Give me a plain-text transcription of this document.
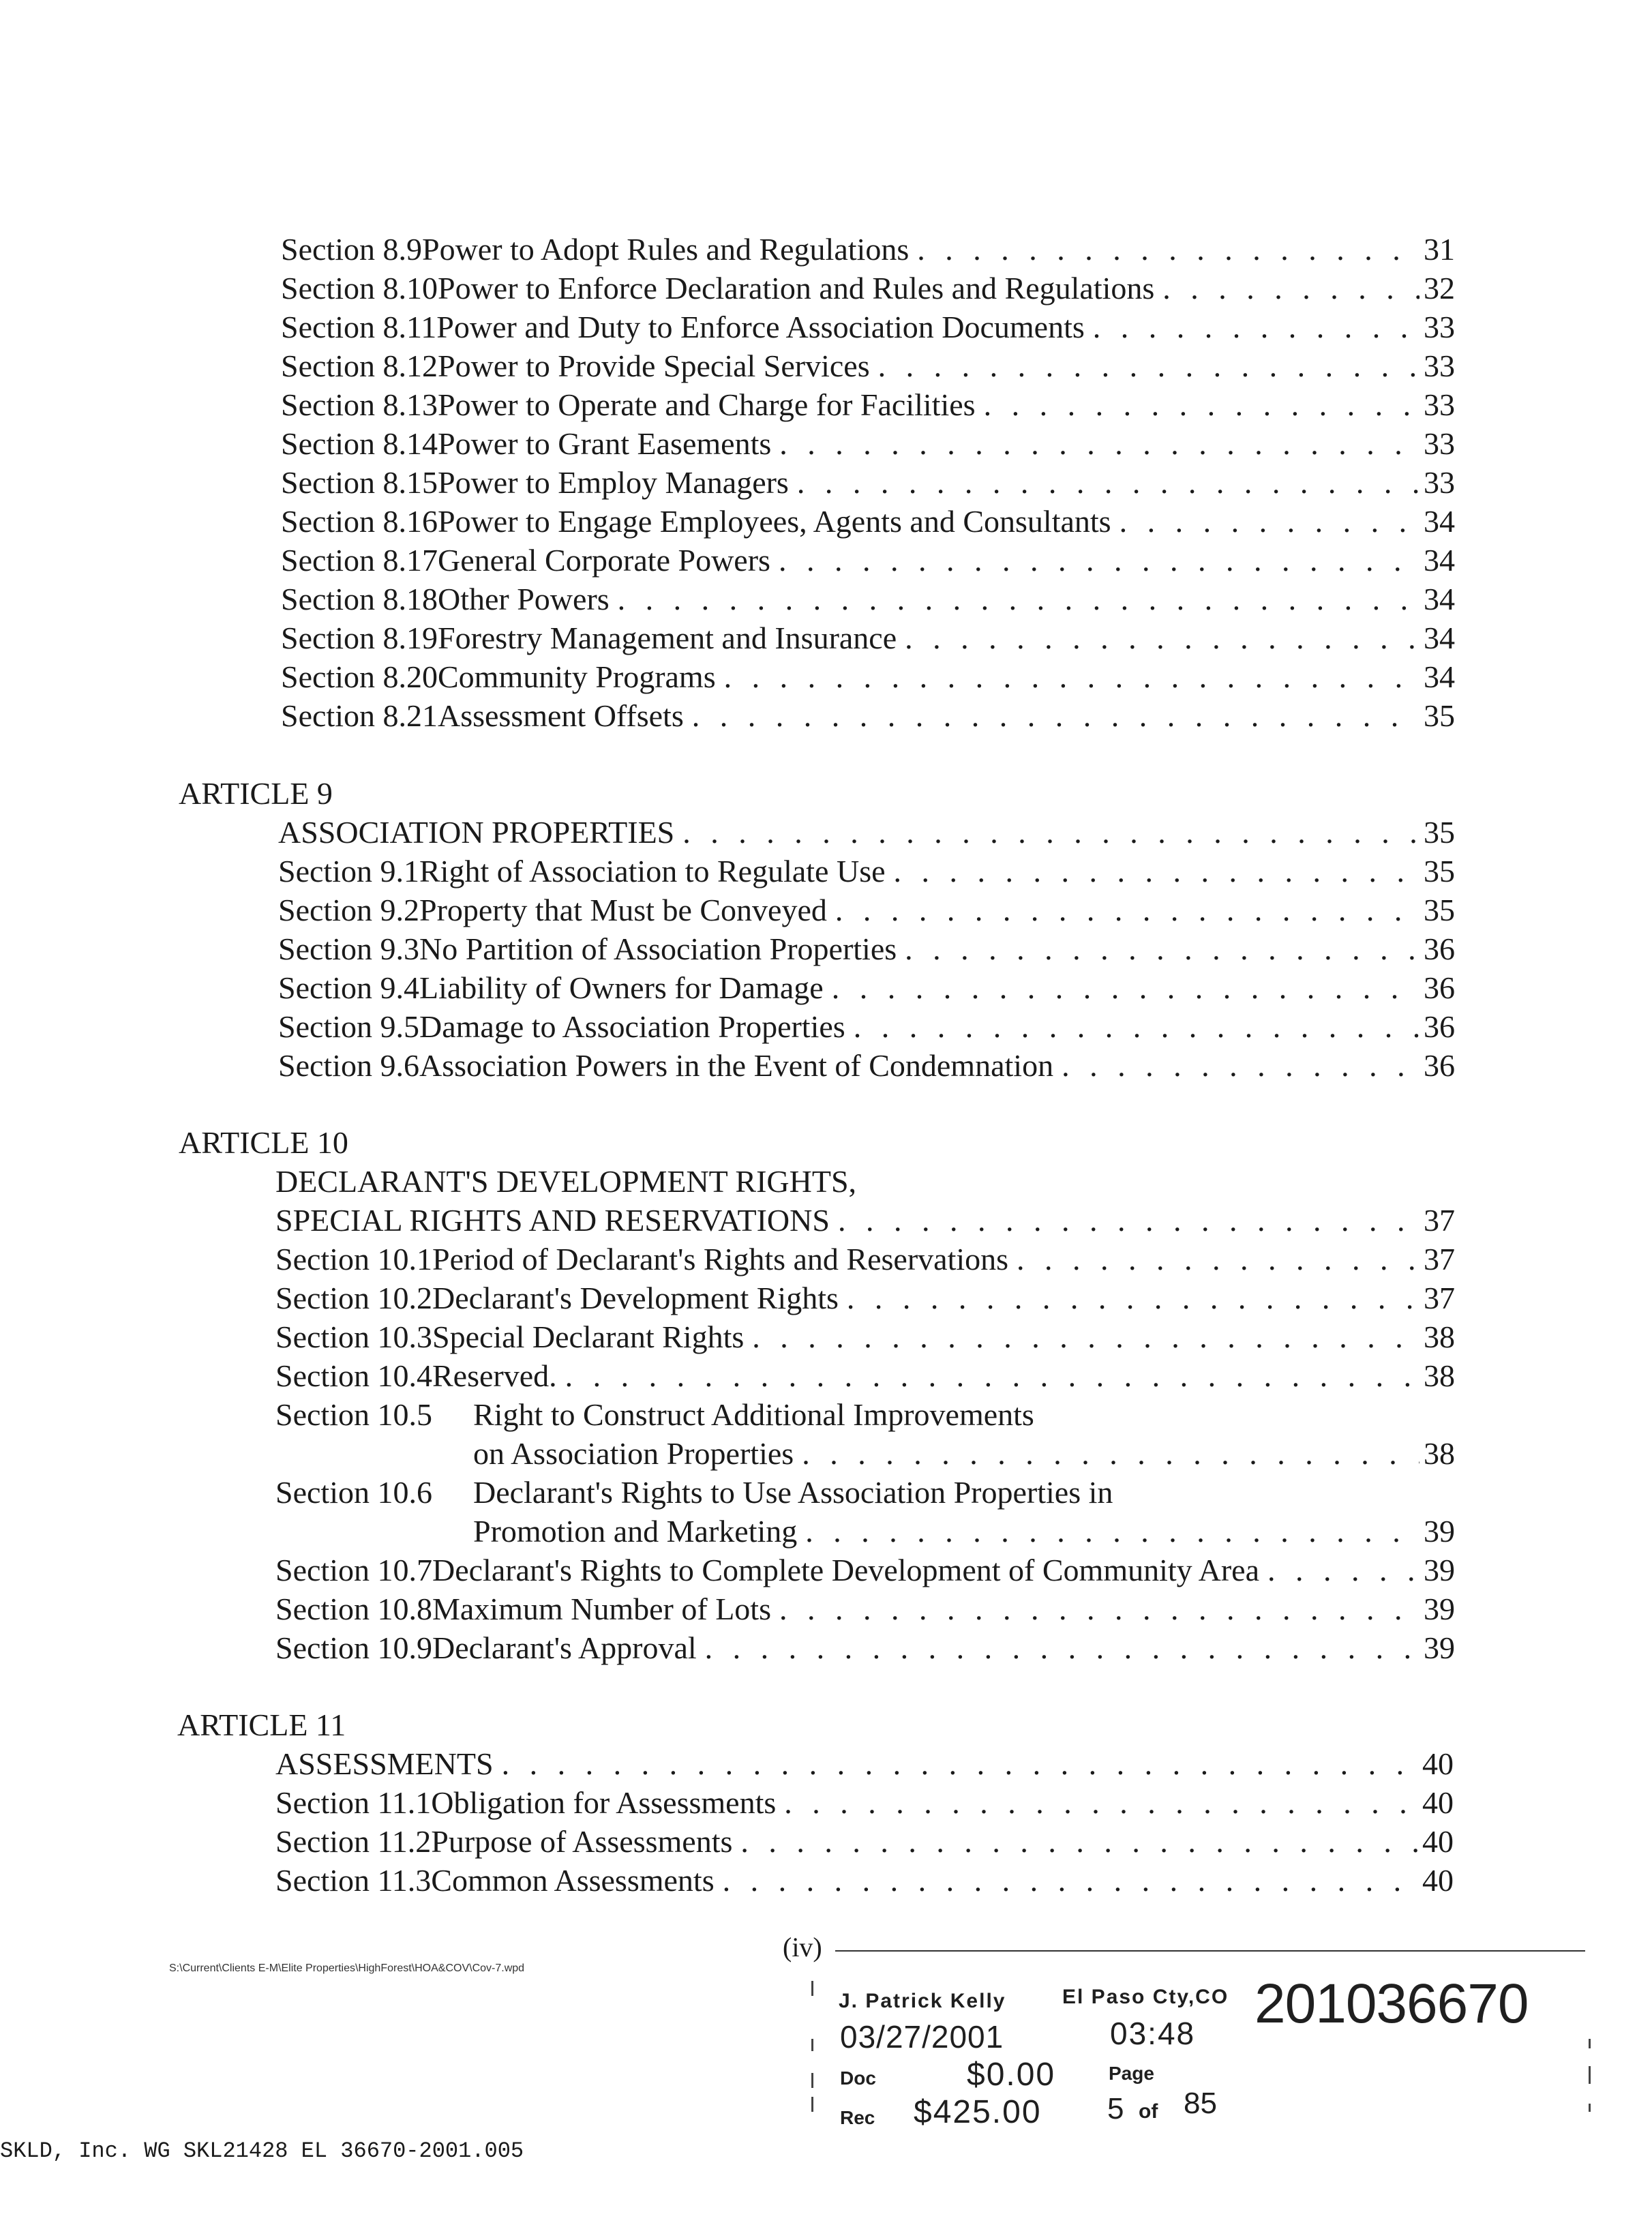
Section 8.9 Power to Adopt Rules and Regulations . . .	31
Section 8.10 Power to Enforce Declaration and Rules and Regulations . . .	32
Section 8.11 Power and Duty to Enforce Association Documents . . .	33
Section 8.12 Power to Provide Special Services . . .	33
Section 8.13 Power to Operate and Charge for Facilities . . .	33
Section 8.14 Power to Grant Easements . . .	33
Section 8.15 Power to Employ Managers . . .	33
Section 8.16 Power to Engage Employees, Agents and Consultants . . .	34
Section 8.17 General Corporate Powers . . .	34
Section 8.18 Other Powers . . .	34
Section 8.19 Forestry Management and Insurance . . .	34
Section 8.20 Community Programs . . .	34
Section 8.21 Assessment Offsets . . .	35
ARTICLE 9
ASSOCIATION PROPERTIES . . .	35
Section 9.1 Right of Association to Regulate Use . . .	35
Section 9.2 Property that Must be Conveyed . . .	35
Section 9.3 No Partition of Association Properties . . .	36
Section 9.4 Liability of Owners for Damage . . .	36
Section 9.5 Damage to Association Properties . . .	36
Section 9.6 Association Powers in the Event of Condemnation . . .	36
ARTICLE 10
DECLARANT'S DEVELOPMENT RIGHTS,
SPECIAL RIGHTS AND RESERVATIONS . . .	37
Section 10.1 Period of Declarant's Rights and Reservations . . .	37
Section 10.2 Declarant's Development Rights . . .	37
Section 10.3 Special Declarant Rights . . .	38
Section 10.4 Reserved. . . .	38
Section 10.5	Right to Construct Additional Improvements
on Association Properties . . .	38
Section 10.6	Declarant's Rights to Use Association Properties in
Promotion and Marketing . . .	39
Section 10.7 Declarant's Rights to Complete Development of Community Area . . .	39
Section 10.8 Maximum Number of Lots . . .	39
Section 10.9 Declarant's Approval . . .	39
ARTICLE 11
ASSESSMENTS . . .	40
Section 11.1 Obligation for Assessments . . .	40
Section 11.2 Purpose of Assessments . . .	40
Section 11.3 Common Assessments . . .	40
S:\Current\Clients E-M\Elite Properties\HighForest\HOA&COV\Cov-7.wpd
(iv)
J. Patrick Kelly	El Paso Cty,CO 201036670
03/27/2001	03:48
Doc	$0.00	Page
Rec $425.00 5 of 85
SKLD, Inc. WG SKL21428 EL 36670-2001.005
